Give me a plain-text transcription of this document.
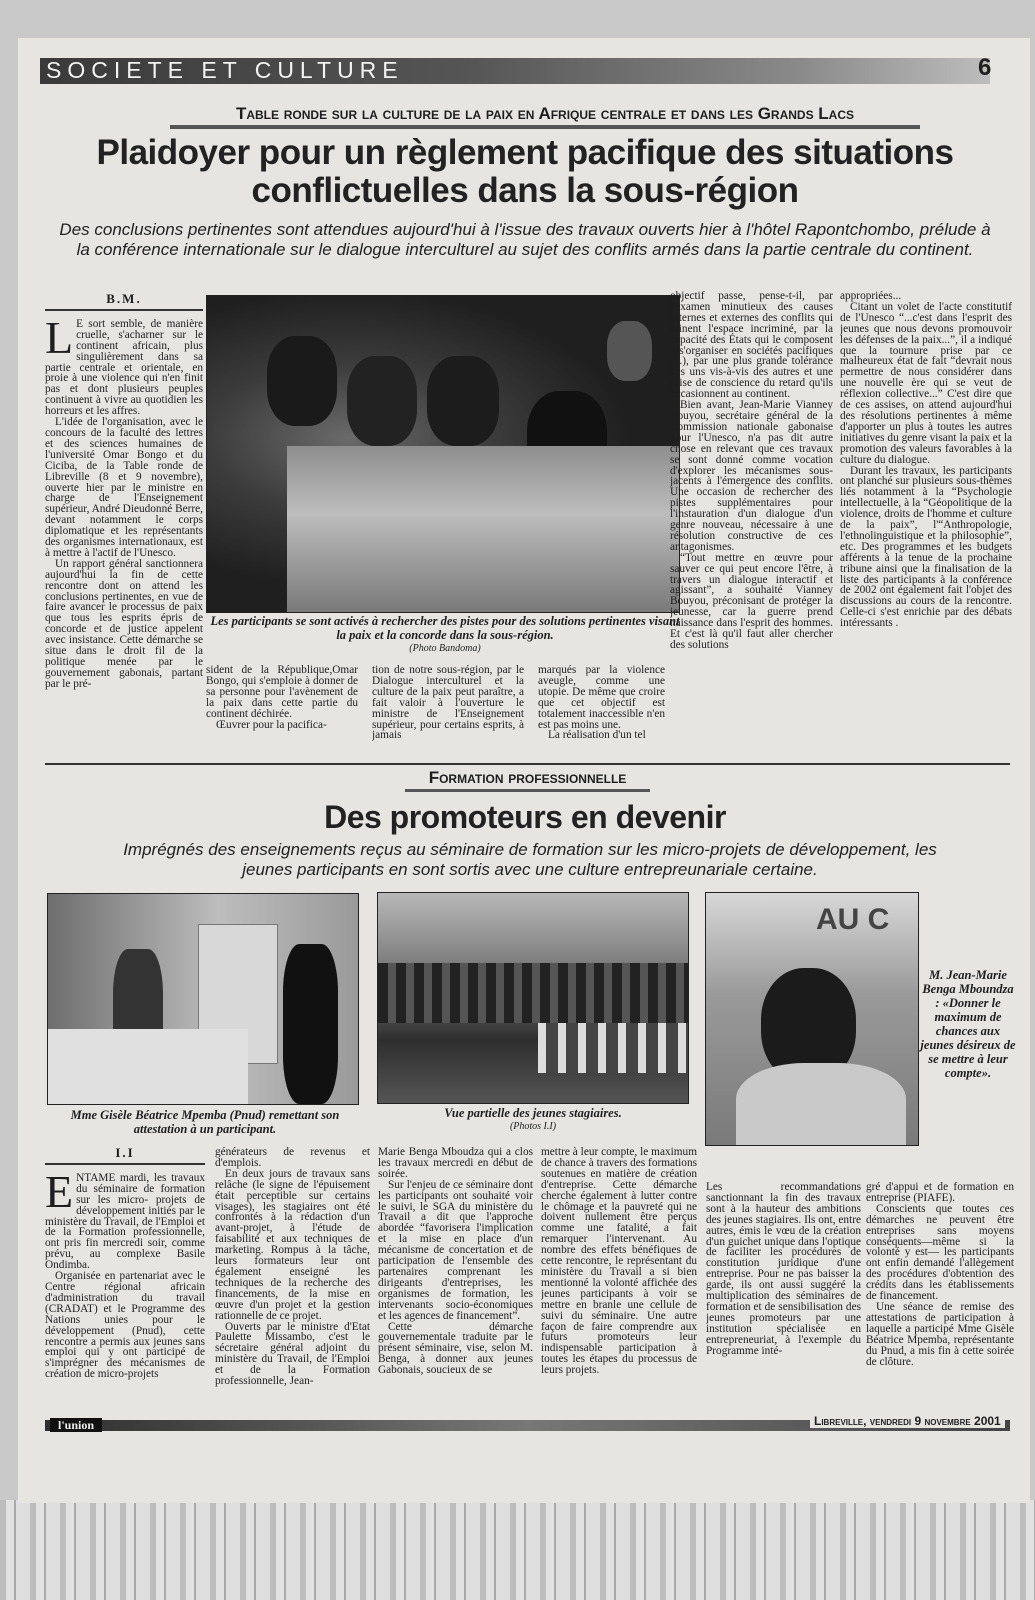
SOCIETE ET CULTURE	6
Table ronde sur la culture de la paix en Afrique centrale et dans les Grands Lacs
Plaidoyer pour un règlement pacifique des situations
conflictuelles dans la sous-région
Des conclusions pertinentes sont attendues aujourd'hui à l'issue des travaux ouverts hier à l'hôtel Rapontchombo, prélude à la conférence internationale sur le dialogue interculturel au sujet des conflits armés dans la partie centrale du continent.
B.M.
L E sort semble, de manière cruelle, s'acharner sur le continent africain, plus singulièrement dans sa partie centrale et orientale, en proie à une violence qui n'en finit pas et dont plusieurs peuples continuent à vivre au quotidien les horreurs et les affres.

L'idée de l'organisation, avec le concours de la faculté des lettres et des sciences humaines de l'université Omar Bongo et du Ciciba, de la Table ronde de Libreville (8 et 9 novembre), ouverte hier par le ministre en charge de l'Enseignement supérieur, André Dieudonné Berre, devant notamment le corps diplomatique et les représentants des organismes internationaux, est à mettre à l'actif de l'Unesco.

Un rapport général sanctionnera aujourd'hui la fin de cette rencontre dont on attend les conclusions pertinentes, en vue de faire avancer le processus de paix que tous les esprits épris de concorde et de justice appelent avec insistance. Cette démarche se situe dans le droit fil de la politique menée par le gouvernement gabonais, partant par le pré-

Les participants se sont activés à rechercher des pistes pour des solutions pertinentes visant la paix et la concorde dans la sous-région.
(Photo Bandoma)

sident de la République,Omar Bongo, qui s'emploie à donner de sa personne pour l'avènement de la paix dans cette partie du continent déchirée.

Œuvrer pour la pacifica-

tion de notre sous-région, par le Dialogue interculturel et la culture de la paix peut paraître, a fait valoir à l'ouverture le ministre de l'Enseignement supérieur, pour certains esprits, à jamais

marqués par la violence aveugle, comme une utopie. De même que croire que cet objectif est totalement inaccessible n'en est pas moins une.

La réalisation d'un tel

objectif passe, pense-t-il, par l'examen minutieux des causes internes et externes des conflits qui minent l'espace incriminé, par la capacité des États qui le composent à s'organiser en sociétés pacifiques (...), par une plus grande tolérance des uns vis-à-vis des autres et une prise de conscience du retard qu'ils occasionnent au continent.

Bien avant, Jean-Marie Vianney Bouyou, secrétaire général de la Commission nationale gabonaise pour l'Unesco, n'a pas dit autre chose en relevant que ces travaux se sont donné comme vocation d'explorer les mécanismes sous-jacents à l'émergence des conflits. Une occasion de rechercher des pistes supplémentaires pour l'instauration d'un dialogue d'un genre nouveau, nécessaire à une résolution constructive de ces antagonismes.

“Tout mettre en œuvre pour sauver ce qui peut encore l'être, à travers un dialogue interactif et agissant”, a souhaité Vianney Bouyou, préconisant de protéger la jeunesse, car la guerre prend naissance dans l'esprit des hommes. Et c'est là qu'il faut aller chercher des solutions

appropriées...

Citant un volet de l'acte constitutif de l'Unesco “...c'est dans l'esprit des jeunes que nous devons promouvoir les défenses de la paix...”, il a indiqué que la tournure prise par ce malheureux état de fait “devrait nous permettre de nous considérer dans une nouvelle ère qui se veut de réflexion collective...” C'est dire que de ces assises, on attend aujourd'hui des résolutions pertinentes à même d'apporter un plus à toutes les autres initiatives du genre visant la paix et la promotion des valeurs favorables à la culture du dialogue.

Durant les travaux, les participants ont planché sur plusieurs sous-thèmes liés notamment à la “Psychologie intellectuelle, à la “Géopolitique de la violence, droits de l'homme et culture de la paix”, l'“Anthropologie, l'ethnolinguistique et la philosophie”, etc. Des programmes et les budgets afférents à la tenue de la prochaine tribune ainsi que la finalisation de la liste des participants à la conférence de 2002 ont également fait l'objet des discussions au cours de la rencontre. Celle-ci s'est enrichie par des débats intéressants .

Formation professionnelle
Des promoteurs en devenir
Imprégnés des enseignements reçus au séminaire de formation sur les micro-projets de développement, les jeunes participants en sont sortis avec une culture entrepreunariale certaine.
Mme Gisèle Béatrice Mpemba (Pnud) remettant son attestation à un participant.
Vue partielle des jeunes stagiaires.
(Photos I.I)
AU C
M. Jean-Marie Benga Mboundza : «Donner le maximum de chances aux jeunes désireux de se mettre à leur compte».
I.I
E NTAME mardi, les travaux du séminaire de formation sur les micro- projets de développement initiés par le ministère du Travail, de l'Emploi et de la Formation professionnelle, ont pris fin mercredi soir, comme prévu, au complexe Basile Ondimba.

Organisée en partenariat avec le Centre régional africain d'administration du travail (CRADAT) et le Programme des Nations unies pour le développement (Pnud), cette rencontre a permis aux jeunes sans emploi qui y ont participé de s'imprégner des mécanismes de création de micro-projets

générateurs de revenus et d'emplois.

En deux jours de travaux sans relâche (le signe de l'épuisement était perceptible sur certains visages), les stagiaires ont été confrontés à la rédaction d'un avant-projet, à l'étude de faisabilité et aux techniques de marketing. Rompus à la tâche, leurs formateurs leur ont également enseigné les techniques de la recherche des financements, de la mise en œuvre d'un projet et la gestion rationnelle de ce projet.

Ouverts par le ministre d'Etat Paulette Missambo, c'est le sécretaire général adjoint du ministère du Travail, de l'Emploi et de la Formation professionnelle, Jean-

Marie Benga Mboudza qui a clos les travaux mercredi en début de soirée.

Sur l'enjeu de ce séminaire dont les participants ont souhaité voir le suivi, le SGA du ministère du Travail a dit que l'approche abordée “favorisera l'implication et la mise en place d'un mécanisme de concertation et de participation de l'ensemble des partenaires comprenant les dirigeants d'entreprises, les organismes de formation, les intervenants socio-économiques et les agences de financement”.

Cette démarche gouvernementale traduite par le présent séminaire, vise, selon M. Benga, à donner aux jeunes Gabonais, soucieux de se

mettre à leur compte, le maximum de chance à travers des formations soutenues en matière de création d'entreprise. Cette démarche cherche également à lutter contre le chômage et la pauvreté qui ne doivent nullement être perçus comme une fatalité, a fait remarquer l'intervenant. Au nombre des effets bénéfiques de cette rencontre, le représentant du ministère du Travail a si bien mentionné la volonté affichée des jeunes participants à voir se mettre en branle une cellule de suivi du séminaire. Une autre façon de faire comprendre aux futurs promoteurs leur indispensable participation à toutes les étapes du processus de leurs projets.

Les recommandations sanctionnant la fin des travaux sont à la hauteur des ambitions des jeunes stagiaires. Ils ont, entre autres, émis le vœu de la création d'un guichet unique dans l'optique de faciliter les procédures de constitution juridique d'une entreprise. Pour ne pas baisser la garde, ils ont aussi suggéré la multiplication des séminaires de formation et de sensibilisation des jeunes promoteurs par une institution spécialisée en entrepreneuriat, à l'exemple du Programme inté-

gré d'appui et de formation en entreprise (PIAFE).

Conscients que toutes ces démarches ne peuvent être entreprises sans moyens conséquents—même si la volonté y est— les participants ont enfin demandé l'allègement des procédures d'obtention des crédits dans les établissements de financement.

Une séance de remise des attestations de participation à laquelle a participé Mme Gisèle Béatrice Mpemba, représentante du Pnud, a mis fin à cette soirée de clôture.

l'union	Libreville, vendredi 9 novembre 2001
